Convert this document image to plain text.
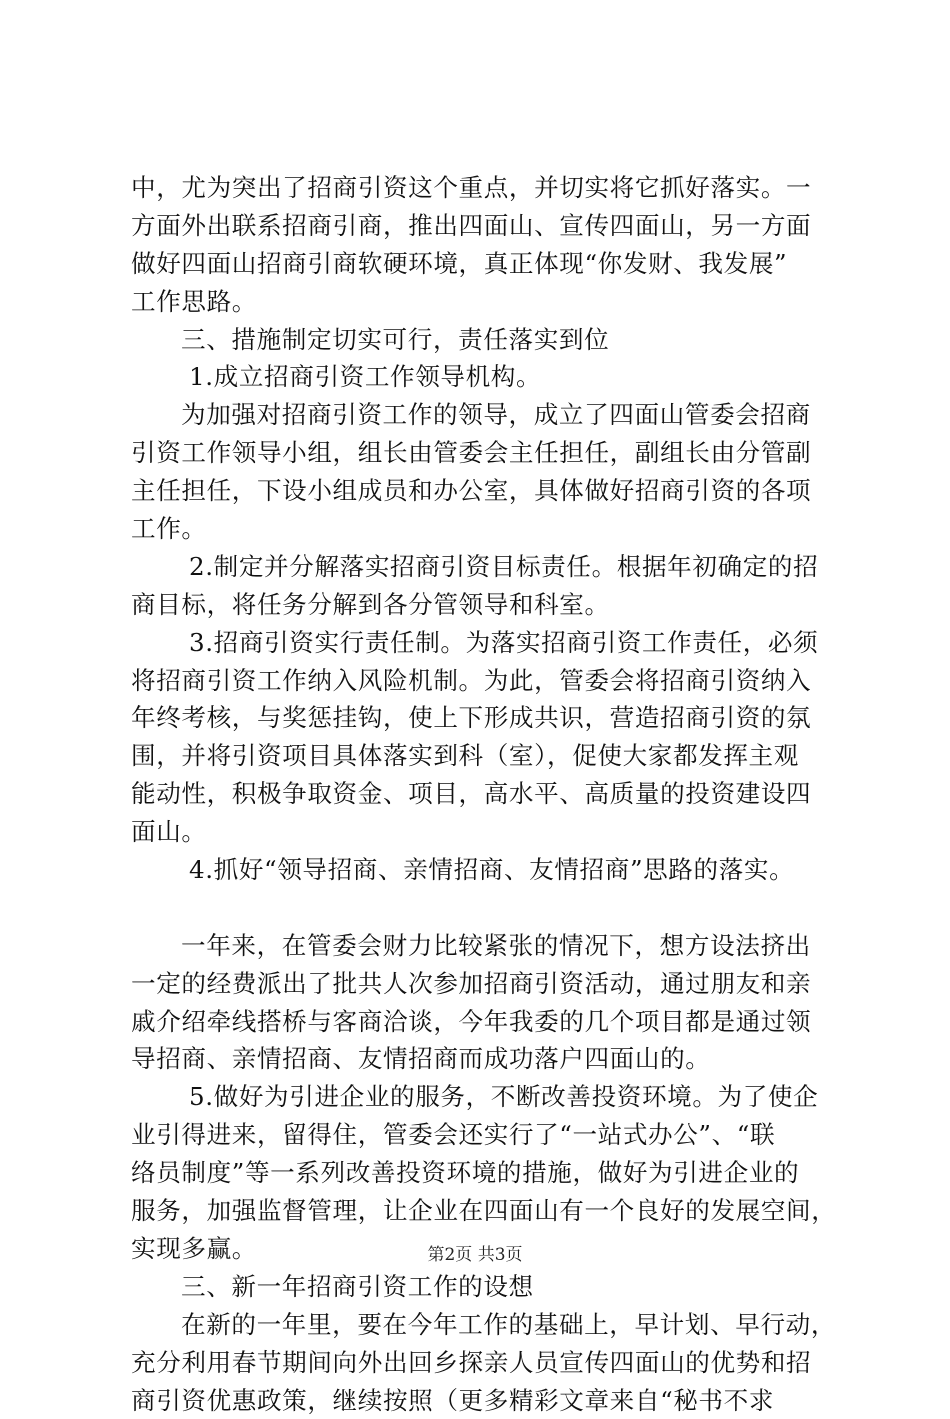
中，尤为突出了招商引资这个重点，并切实将它抓好落实。一
方面外出联系招商引商，推出四面山、宣传四面山，另一方面
做好四面山招商引商软硬环境，真正体现“你发财、我发展”
工作思路。
三、措施制定切实可行，责任落实到位
1.成立招商引资工作领导机构。
为加强对招商引资工作的领导，成立了四面山管委会招商
引资工作领导小组，组长由管委会主任担任，副组长由分管副
主任担任，下设小组成员和办公室，具体做好招商引资的各项
工作。
2.制定并分解落实招商引资目标责任。根据年初确定的招
商目标，将任务分解到各分管领导和科室。
3.招商引资实行责任制。为落实招商引资工作责任，必须
将招商引资工作纳入风险机制。为此，管委会将招商引资纳入
年终考核，与奖惩挂钩，使上下形成共识，营造招商引资的氛
围，并将引资项目具体落实到科（室），促使大家都发挥主观
能动性，积极争取资金、项目，高水平、高质量的投资建设四
面山。
4.抓好“领导招商、亲情招商、友情招商”思路的落实。
一年来，在管委会财力比较紧张的情况下，想方设法挤出
一定的经费派出了批共人次参加招商引资活动，通过朋友和亲
戚介绍牵线搭桥与客商洽谈，今年我委的几个项目都是通过领
导招商、亲情招商、友情招商而成功落户四面山的。
5.做好为引进企业的服务，不断改善投资环境。为了使企
业引得进来，留得住，管委会还实行了“一站式办公”、“联
络员制度”等一系列改善投资环境的措施，做好为引进企业的
服务，加强监督管理，让企业在四面山有一个良好的发展空间，
实现多赢。
三、新一年招商引资工作的设想
在新的一年里，要在今年工作的基础上，早计划、早行动，
充分利用春节期间向外出回乡探亲人员宣传四面山的优势和招
商引资优惠政策，继续按照（更多精彩文章来自“秘书不求
第2页 共3页
